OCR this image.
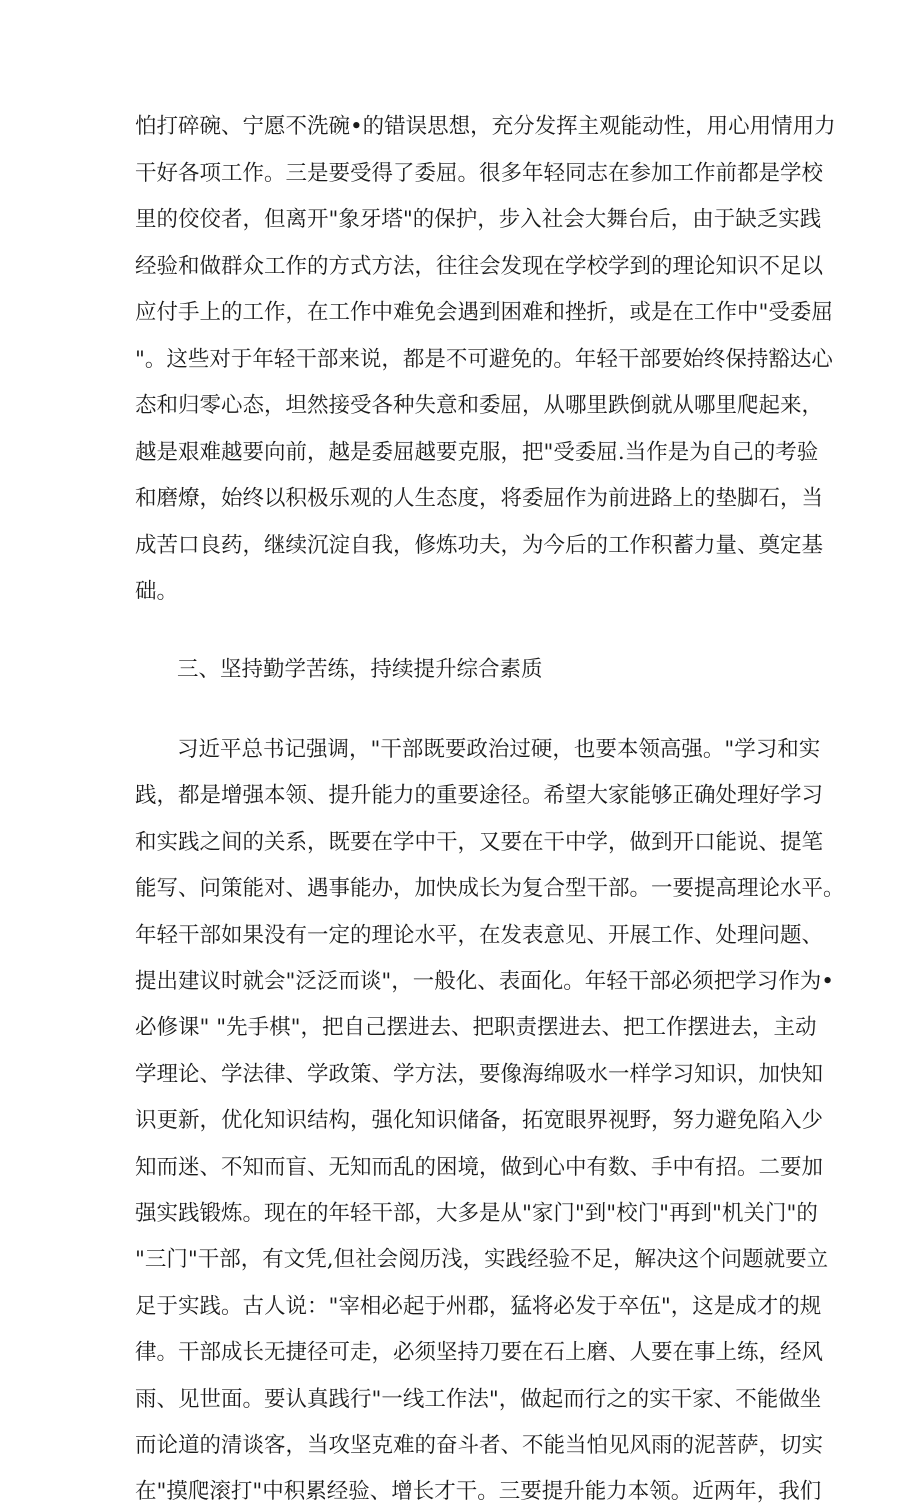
怕打碎碗、宁愿不洗碗•的错误思想，充分发挥主观能动性，用心用情用力

干好各项工作。三是要受得了委屈。很多年轻同志在参加工作前都是学校

里的佼佼者，但离开"象牙塔"的保护，步入社会大舞台后，由于缺乏实践

经验和做群众工作的方式方法，往往会发现在学校学到的理论知识不足以

应付手上的工作，在工作中难免会遇到困难和挫折，或是在工作中"受委屈

"。这些对于年轻干部来说，都是不可避免的。年轻干部要始终保持豁达心

态和归零心态，坦然接受各种失意和委屈，从哪里跌倒就从哪里爬起来，

越是艰难越要向前，越是委屈越要克服，把"受委屈.当作是为自己的考验

和磨燎，始终以积极乐观的人生态度，将委屈作为前进路上的垫脚石，当

成苦口良药，继续沉淀自我，修炼功夫，为今后的工作积蓄力量、奠定基

础。

三、坚持勤学苦练，持续提升综合素质

习近平总书记强调，"干部既要政治过硬，也要本领高强。"学习和实

践，都是增强本领、提升能力的重要途径。希望大家能够正确处理好学习

和实践之间的关系，既要在学中干，又要在干中学，做到开口能说、提笔

能写、问策能对、遇事能办，加快成长为复合型干部。一要提高理论水平。

年轻干部如果没有一定的理论水平，在发表意见、开展工作、处理问题、

提出建议时就会"泛泛而谈"，一般化、表面化。年轻干部必须把学习作为•

必修课" "先手棋"，把自己摆进去、把职责摆进去、把工作摆进去，主动

学理论、学法律、学政策、学方法，要像海绵吸水一样学习知识，加快知

识更新，优化知识结构，强化知识储备，拓宽眼界视野，努力避免陷入少

知而迷、不知而盲、无知而乱的困境，做到心中有数、手中有招。二要加

强实践锻炼。现在的年轻干部，大多是从"家门"到"校门"再到"机关门"的

"三门"干部，有文凭,但社会阅历浅，实践经验不足，解决这个问题就要立

足于实践。古人说："宰相必起于州郡，猛将必发于卒伍"，这是成才的规

律。干部成长无捷径可走，必须坚持刀要在石上磨、人要在事上练，经风

雨、见世面。要认真践行"一线工作法"，做起而行之的实干家、不能做坐

而论道的清谈客，当攻坚克难的奋斗者、不能当怕见风雨的泥菩萨，切实

在"摸爬滚打"中积累经验、增长才干。三要提升能力本领。近两年，我们
